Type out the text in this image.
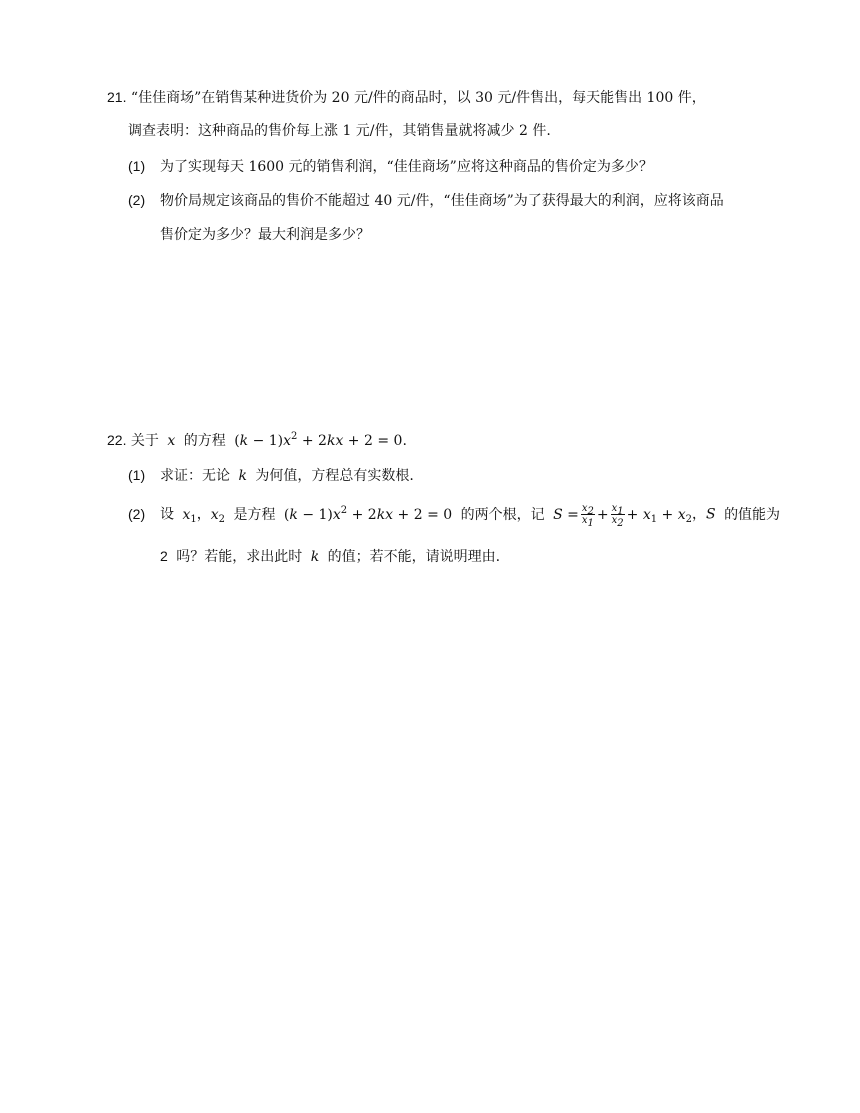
21. “佳佳商场”在销售某种进货价为 20 元/件的商品时，以 30 元/件售出，每天能售出 100 件，
调查表明：这种商品的售价每上涨 1 元/件，其销售量就将减少 2 件.
(1) 为了实现每天 1600 元的销售利润，“佳佳商场”应将这种商品的售价定为多少？
(2) 物价局规定该商品的售价不能超过 40 元/件，“佳佳商场”为了获得最大的利润，应将该商品
售价定为多少？最大利润是多少？
22. 关于 x 的方程 $(k - 1)x^2 + 2kx + 2 = 0$.
(1) 求证：无论 k 为何值，方程总有实数根.
(2) 设 $x_1$，$x_2$ 是方程 $(k - 1)x^2 + 2kx + 2 = 0$ 的两个根，记 $S = \frac{x_2}{x_1} + \frac{x_1}{x_2} + x_1 + x_2$，S 的值能为
2 吗？若能，求出此时 k 的值；若不能，请说明理由.
